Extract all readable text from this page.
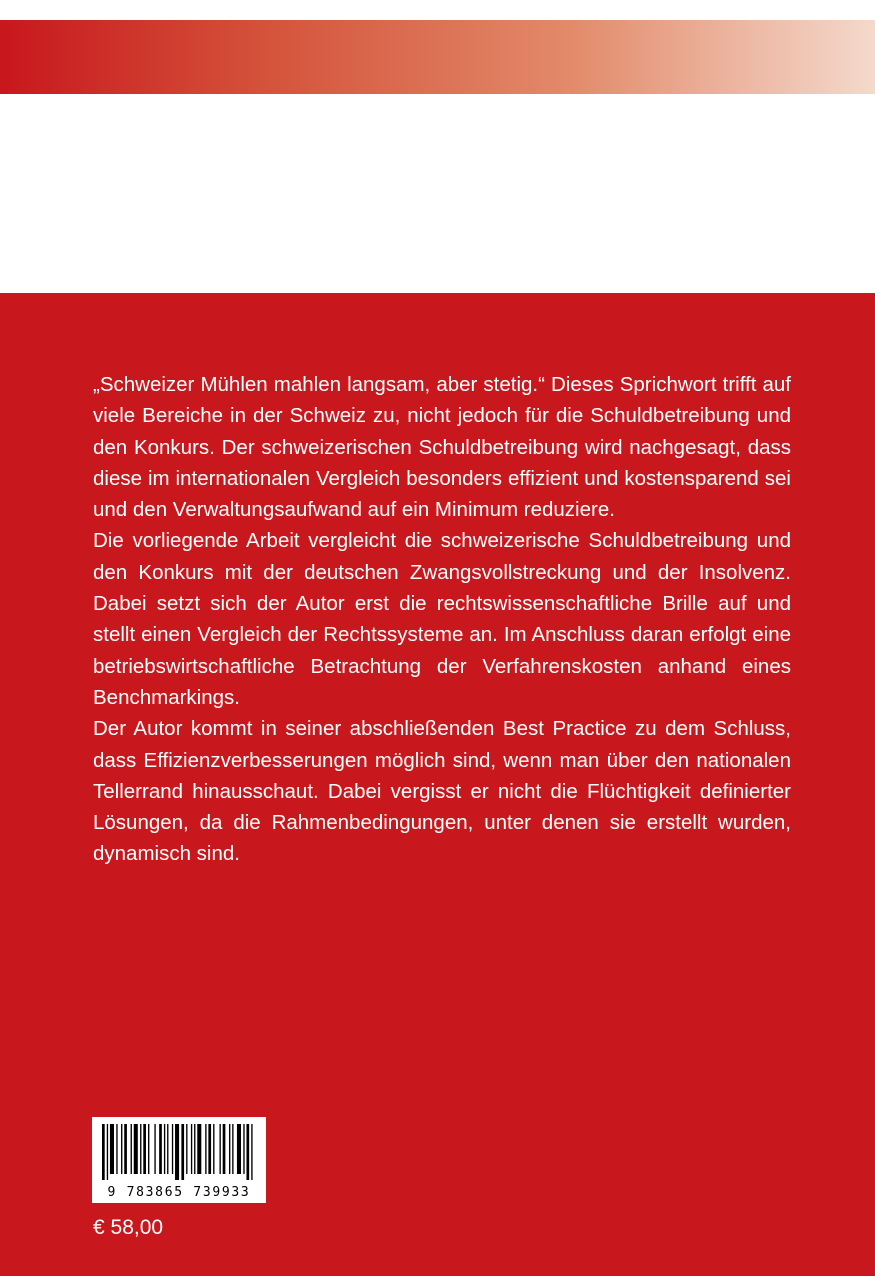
„Schweizer Mühlen mahlen langsam, aber stetig.“ Dieses Sprichwort trifft auf viele Bereiche in der Schweiz zu, nicht jedoch für die Schuldbetreibung und den Konkurs. Der schweizerischen Schuldbetreibung wird nachgesagt, dass diese im internationalen Vergleich besonders effizient und kostensparend sei und den Verwaltungsaufwand auf ein Minimum reduziere.

Die vorliegende Arbeit vergleicht die schweizerische Schuldbetreibung und den Konkurs mit der deutschen Zwangsvollstreckung und der Insolvenz. Dabei setzt sich der Autor erst die rechtswissenschaftliche Brille auf und stellt einen Vergleich der Rechtssysteme an. Im Anschluss daran erfolgt eine betriebswirtschaftliche Betrachtung der Verfahrenskosten anhand eines Benchmarkings.

Der Autor kommt in seiner abschließenden Best Practice zu dem Schluss, dass Effizienzverbesserungen möglich sind, wenn man über den nationalen Tellerrand hinausschaut. Dabei vergisst er nicht die Flüchtigkeit definierter Lösungen, da die Rahmenbedingungen, unter denen sie erstellt wurden, dynamisch sind.

9 783865 739933
€ 58,00
